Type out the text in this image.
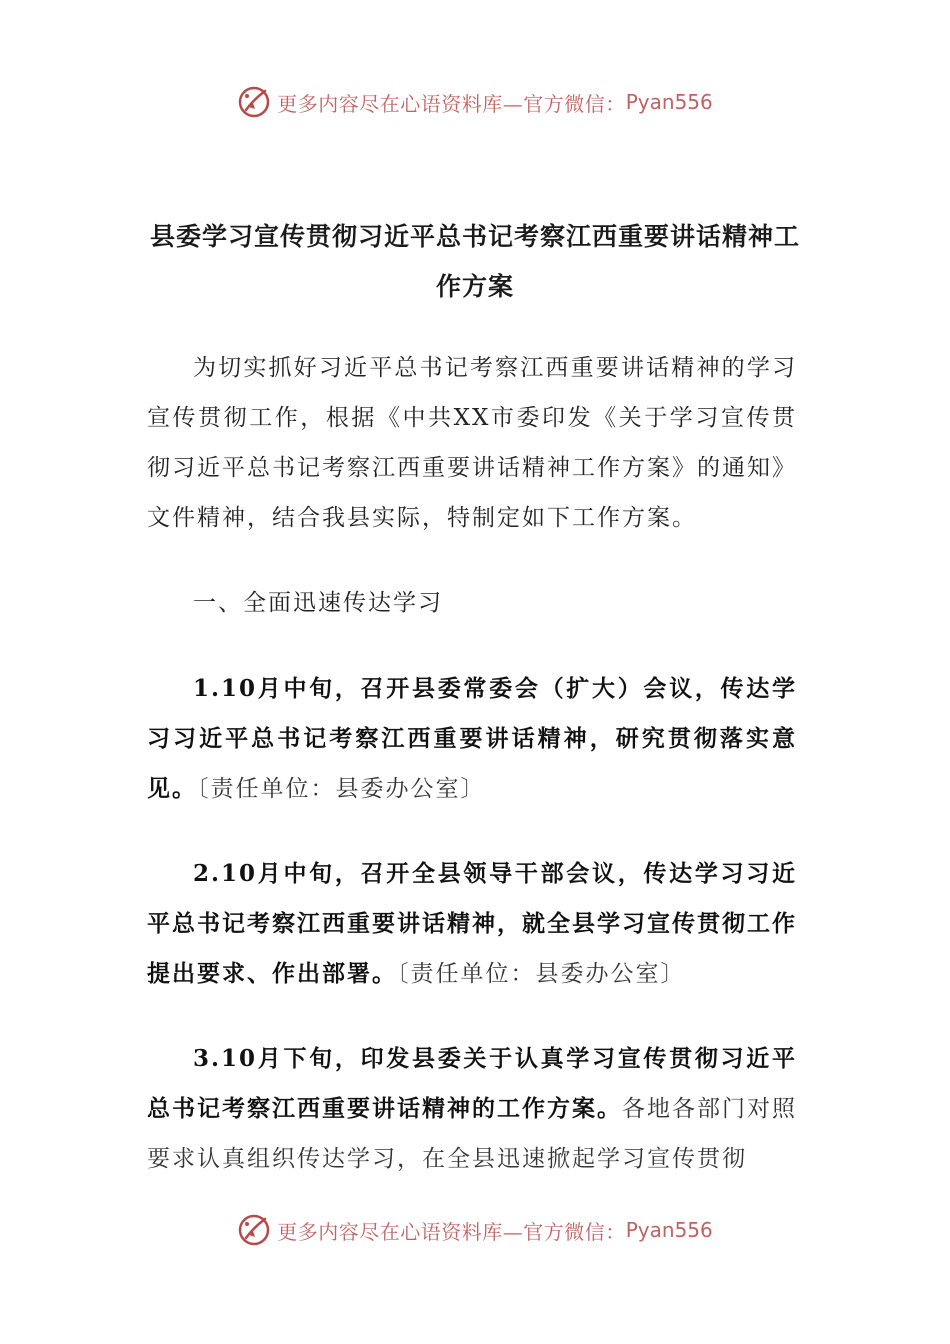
更多内容尽在心语资料库—官方微信： Pyan556
县委学习宣传贯彻习近平总书记考察江西重要讲话精神工作方案

为切实抓好习近平总书记考察江西重要讲话精神的学习宣传贯彻工作，根据《中共XX市委印发《关于学习宣传贯彻习近平总书记考察江西重要讲话精神工作方案》的通知》文件精神，结合我县实际，特制定如下工作方案。

一、全面迅速传达学习

1.10月中旬，召开县委常委会（扩大）会议，传达学习习近平总书记考察江西重要讲话精神，研究贯彻落实意见。〔责任单位：县委办公室〕

2.10月中旬，召开全县领导干部会议，传达学习习近平总书记考察江西重要讲话精神，就全县学习宣传贯彻工作提出要求、作出部署。〔责任单位：县委办公室〕

3.10月下旬，印发县委关于认真学习宣传贯彻习近平总书记考察江西重要讲话精神的工作方案。各地各部门对照要求认真组织传达学习，在全县迅速掀起学习宣传贯彻

更多内容尽在心语资料库—官方微信： Pyan556
